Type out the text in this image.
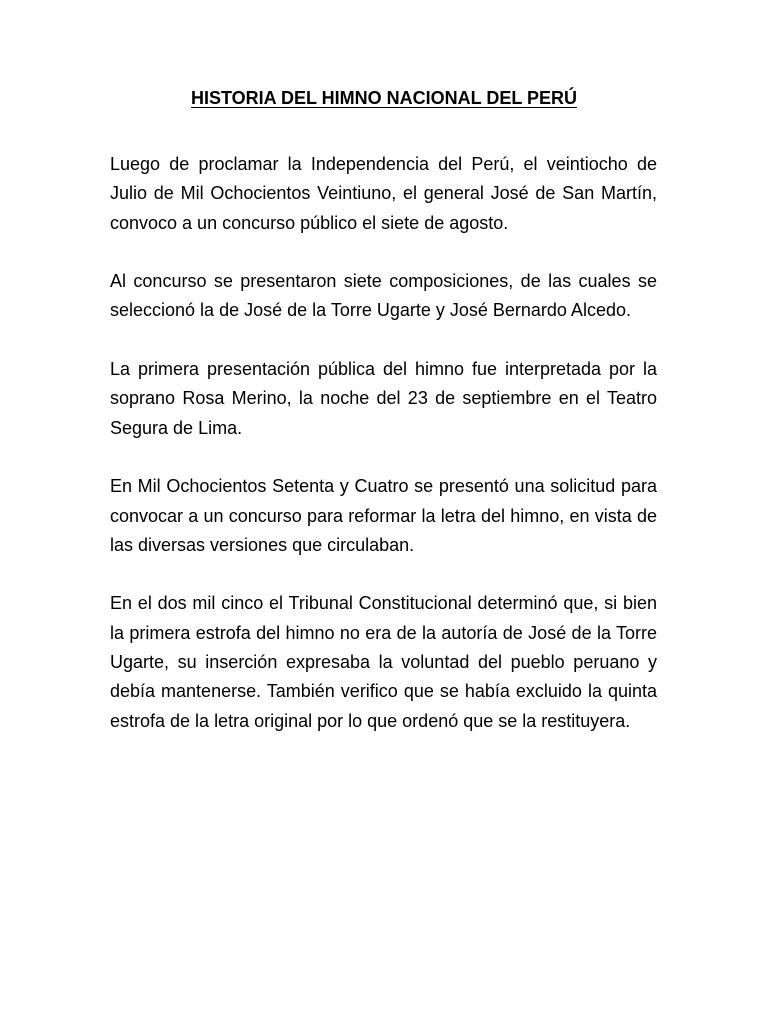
HISTORIA DEL HIMNO NACIONAL DEL PERÚ

Luego de proclamar la Independencia del Perú, el veintiocho de Julio de Mil Ochocientos Veintiuno, el general José de San Martín, convoco a un concurso público el siete de agosto.

Al concurso se presentaron siete composiciones, de las cuales se seleccionó la de José de la Torre Ugarte y José Bernardo Alcedo.

La primera presentación pública del himno fue interpretada por la soprano Rosa Merino, la noche del 23 de septiembre en el Teatro Segura de Lima.

En Mil Ochocientos Setenta y Cuatro se presentó una solicitud para convocar a un concurso para reformar la letra del himno, en vista de las diversas versiones que circulaban.

En el dos mil cinco el Tribunal Constitucional determinó que, si bien la primera estrofa del himno no era de la autoría de José de la Torre Ugarte, su inserción expresaba la voluntad del pueblo peruano y debía mantenerse. También verifico que se había excluido la quinta estrofa de la letra original por lo que ordenó que se la restituyera.
